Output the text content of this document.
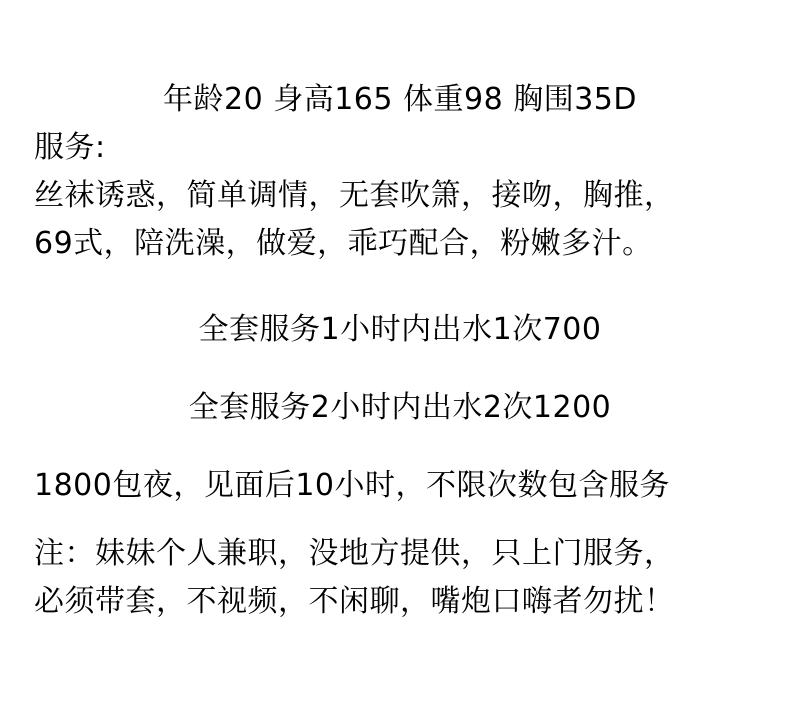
年龄20 身高165 体重98 胸围35D
服务:
丝袜诱惑，简单调情，无套吹箫，接吻，胸推，
69式，陪洗澡，做爱，乖巧配合，粉嫩多汁。
全套服务1小时内出水1次700
全套服务2小时内出水2次1200
1800包夜，见面后10小时，不限次数包含服务
注：妹妹个人兼职，没地方提供，只上门服务，
必须带套，不视频，不闲聊，嘴炮口嗨者勿扰！
